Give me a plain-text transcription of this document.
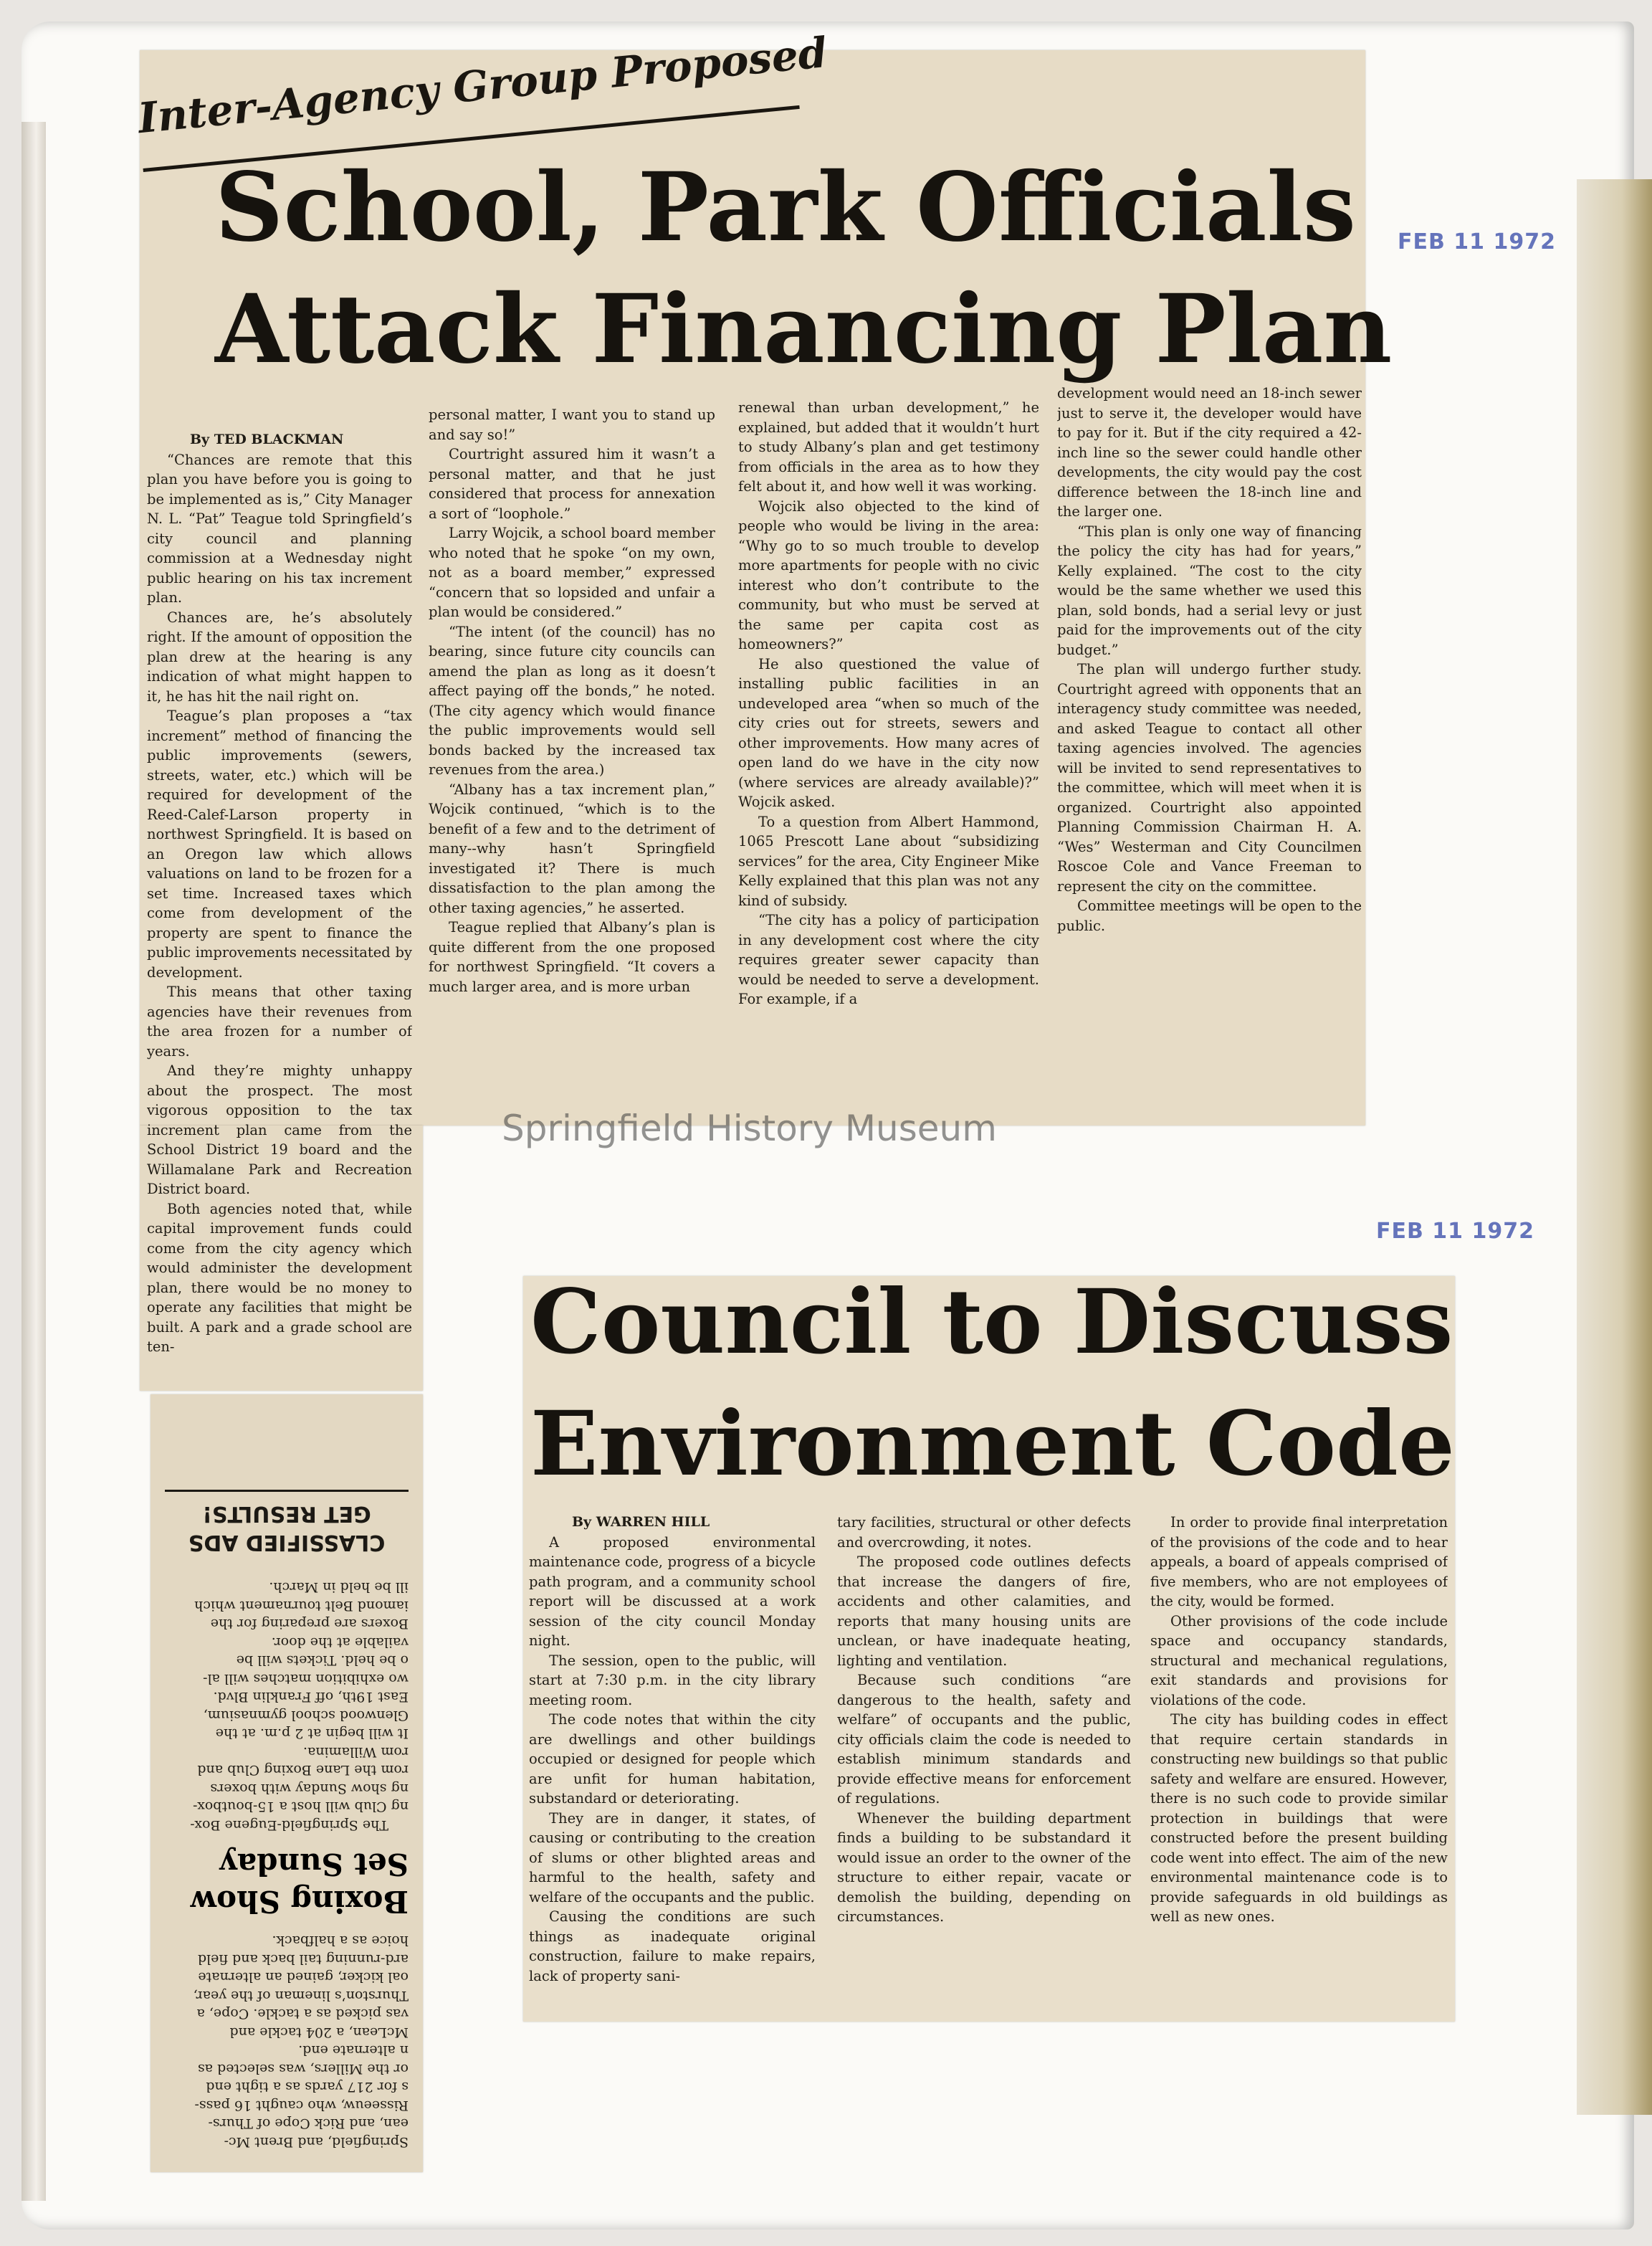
Inter-Agency Group Proposed
School, Park Officials
Attack Financing Plan
FEB 11 1972
FEB 11 1972

By TED BLACKMAN

“Chances are remote that this plan you have before you is going to be implemented as is,” City Manager N. L. “Pat” Teague told Springfield’s city council and planning commission at a Wednesday night public hearing on his tax increment plan.

Chances are, he’s absolutely right. If the amount of opposition the plan drew at the hearing is any indication of what might happen to it, he has hit the nail right on.

Teague’s plan proposes a “tax increment” method of financing the public improvements (sewers, streets, water, etc.) which will be required for development of the Reed-Calef-Larson property in northwest Springfield. It is based on an Oregon law which allows valuations on land to be frozen for a set time. Increased taxes which come from development of the property are spent to finance the public improvements necessitated by development.

This means that other taxing agencies have their revenues from the area frozen for a number of years.

And they’re mighty unhappy about the prospect. The most vigorous opposition to the tax increment plan came from the School District 19 board and the Willamalane Park and Recreation District board.

Both agencies noted that, while capital improvement funds could come from the city agency which would administer the development plan, there would be no money to operate any facilities that might be built. A park and a grade school are ten-

personal matter, I want you to stand up and say so!”

Courtright assured him it wasn’t a personal matter, and that he just considered that process for annexation a sort of “loophole.”

Larry Wojcik, a school board member who noted that he spoke “on my own, not as a board member,” expressed “concern that so lopsided and unfair a plan would be considered.”

“The intent (of the council) has no bearing, since future city councils can amend the plan as long as it doesn’t affect paying off the bonds,” he noted. (The city agency which would finance the public improvements would sell bonds backed by the increased tax revenues from the area.)

“Albany has a tax increment plan,” Wojcik continued, “which is to the benefit of a few and to the detriment of many--why hasn’t Springfield investigated it? There is much dissatisfaction to the plan among the other taxing agencies,” he asserted.

Teague replied that Albany’s plan is quite different from the one proposed for northwest Springfield. “It covers a much larger area, and is more urban

renewal than urban development,” he explained, but added that it wouldn’t hurt to study Albany’s plan and get testimony from officials in the area as to how they felt about it, and how well it was working.

Wojcik also objected to the kind of people who would be living in the area: “Why go to so much trouble to develop more apartments for people with no civic interest who don’t contribute to the community, but who must be served at the same per capita cost as homeowners?”

He also questioned the value of installing public facilities in an undeveloped area “when so much of the city cries out for streets, sewers and other improvements. How many acres of open land do we have in the city now (where services are already available)?” Wojcik asked.

To a question from Albert Hammond, 1065 Prescott Lane about “subsidizing services” for the area, City Engineer Mike Kelly explained that this plan was not any kind of subsidy.

“The city has a policy of participation in any development cost where the city requires greater sewer capacity than would be needed to serve a development. For example, if a

development would need an 18-inch sewer just to serve it, the developer would have to pay for it. But if the city required a 42-inch line so the sewer could handle other developments, the city would pay the cost difference between the 18-inch line and the larger one.

“This plan is only one way of financing the policy the city has had for years,” Kelly explained. “The cost to the city would be the same whether we used this plan, sold bonds, had a serial levy or just paid for the improvements out of the city budget.”

The plan will undergo further study. Courtright agreed with opponents that an interagency study committee was needed, and asked Teague to contact all other taxing agencies involved. The agencies will be invited to send representatives to the committee, which will meet when it is organized. Courtright also appointed Planning Commission Chairman H. A. “Wes” Westerman and City Councilmen Roscoe Cole and Vance Freeman to represent the city on the committee.

Committee meetings will be open to the public.

Springfield History Museum
Council to Discuss
Environment Code

By WARREN HILL

A proposed environmental maintenance code, progress of a bicycle path program, and a community school report will be discussed at a work session of the city council Monday night.

The session, open to the public, will start at 7:30 p.m. in the city library meeting room.

The code notes that within the city are dwellings and other buildings occupied or designed for people which are unfit for human habitation, substandard or deteriorating.

They are in danger, it states, of causing or contributing to the creation of slums or other blighted areas and harmful to the health, safety and welfare of the occupants and the public.

Causing the conditions are such things as inadequate original construction, failure to make repairs, lack of property sani-

tary facilities, structural or other defects and overcrowding, it notes.

The proposed code outlines defects that increase the dangers of fire, accidents and other calamities, and reports that many housing units are unclean, or have inadequate heating, lighting and ventilation.

Because such conditions “are dangerous to the health, safety and welfare” of occupants and the public, city officials claim the code is needed to establish minimum standards and provide effective means for enforcement of regulations.

Whenever the building department finds a building to be substandard it would issue an order to the owner of the structure to either repair, vacate or demolish the building, depending on circumstances.

In order to provide final interpretation of the provisions of the code and to hear appeals, a board of appeals comprised of five members, who are not employees of the city, would be formed.

Other provisions of the code include space and occupancy standards, structural and mechanical regulations, exit standards and provisions for violations of the code.

The city has building codes in effect that require certain standards in constructing new buildings so that public safety and welfare are ensured. However, there is no such code to provide similar protection in buildings that were constructed before the present building code went into effect. The aim of the new environmental maintenance code is to provide safeguards in old buildings as well as new ones.

Springfield, and Brent Mc-

ean, and Rick Cope of Thurs-

Risseeuw, who caught 16 pass-

s for 217 yards as a tight end

or the Millers, was selected as

n alternate end.

McLean, a 204 tackle and

vas picked as a tackle. Cope, a

Thurston’s lineman of the year,

oal kicker, gained an alternate

ard-running tail back and field

hoice as a halfback.

Boxing Show
Set Sunday

The Springfield-Eugene Box-

ng Club will host a 15-boutbox-

ng show Sunday with boxers

rom the Lane Boxing Club and

rom Willamina.

It will begin at 2 p.m. at the

Glenwood school gymnasium,

East 19th, off Franklin Blvd.

wo exhibition matches will al-

o be held. Tickets will be

vailable at the door.

Boxers are preparing for the

iamond Belt tournament which

ill be held in March.

CLASSIFIED ADS
GET RESULTS!
